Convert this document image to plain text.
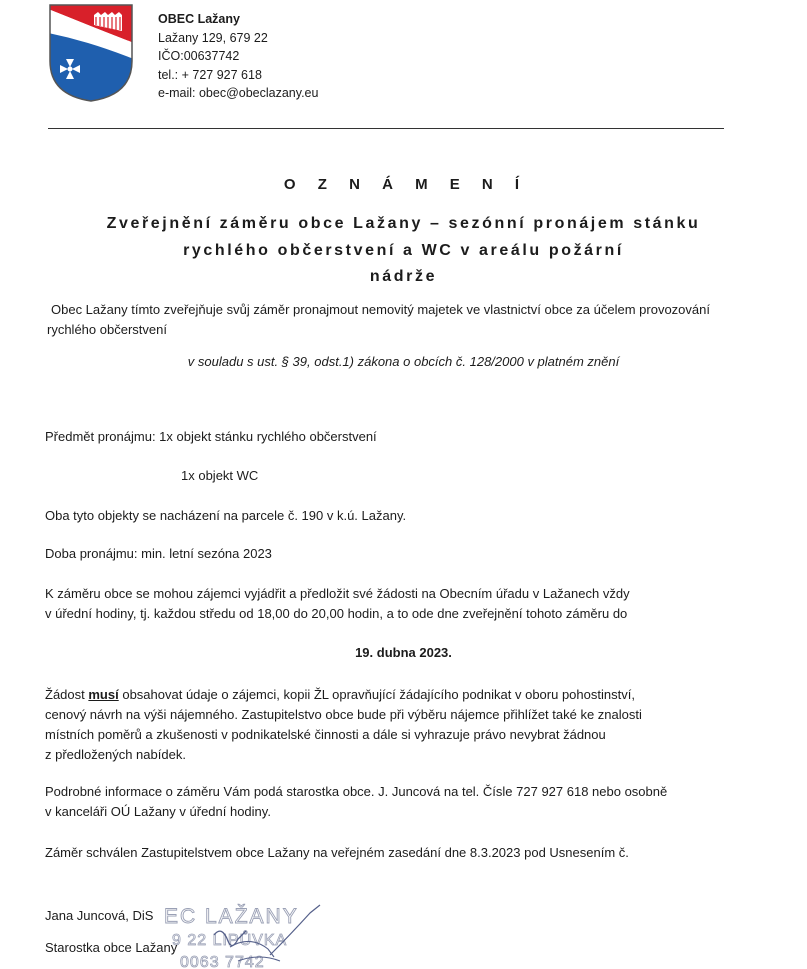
OBEC Lažany
Lažany 129, 679 22
IČO:00637742
tel.: + 727 927 618
e-mail: obec@obeclazany.eu
O Z N Á M E N Í
Zveřejnění záměru obce Lažany – sezónní pronájem stánku
rychlého občerstvení a WC v areálu požární
nádrže
Obec Lažany tímto zveřejňuje svůj záměr pronajmout nemovitý majetek ve vlastnictví obce za účelem provozování
rychlého občerstvení
v souladu s ust. § 39, odst.1) zákona o obcích č. 128/2000 v platném znění
Předmět pronájmu: 1x objekt stánku rychlého občerstvení
1x objekt WC
Oba tyto objekty se nacházení na parcele č. 190 v k.ú. Lažany.
Doba pronájmu: min. letní sezóna 2023
K záměru obce se mohou zájemci vyjádřit a předložit své žádosti na Obecním úřadu v Lažanech vždy
v úřední hodiny, tj. každou středu od 18,00 do 20,00 hodin, a to ode dne zveřejnění tohoto záměru do
19. dubna 2023.
Žádost musí obsahovat údaje o zájemci, kopii ŽL opravňující žádajícího podnikat v oboru pohostinství,
cenový návrh na výši nájemného. Zastupitelstvo obce bude při výběru nájemce přihlížet také ke znalosti
místních poměrů a zkušenosti v podnikatelské činnosti a dále si vyhrazuje právo nevybrat žádnou
z předložených nabídek.
Podrobné informace o záměru Vám podá starostka obce. J. Juncová na tel. Čísle 727 927 618 nebo osobně
v kanceláři OÚ Lažany v úřední hodiny.
Záměr schválen Zastupitelstvem obce Lažany na veřejném zasedání dne 8.3.2023 pod Usnesením č.
EC LAŽANY
9 22 LIPŮVKA
0063 7742
Jana Juncová, DiS
Starostka obce Lažany
